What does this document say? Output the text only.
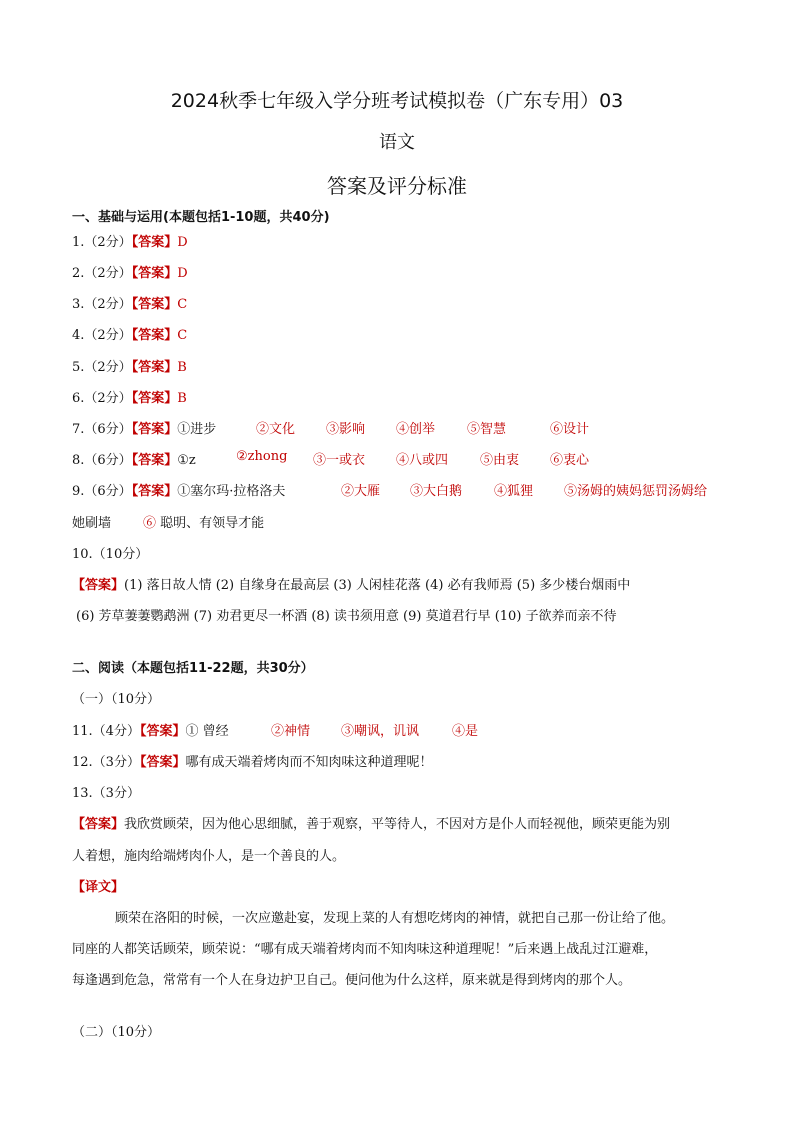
2024秋季七年级入学分班考试模拟卷（广东专用）03
语文
答案及评分标准
一、基础与运用(本题包括1-10题，共40分)
1.（2分）【答案】D
2.（2分）【答案】D
3.（2分）【答案】C
4.（2分）【答案】C
5.（2分）【答案】B
6.（2分）【答案】B
7.（6分）【答案】①进步	②文化 ③影响 ④创举 ⑤智慧	⑥设计
8.（6分）【答案】①z	②zhong ③一或衣 ④八或四 ⑤由衷 ⑥衷心
9.（6分）【答案】①塞尔玛·拉格洛夫	②大雁 ③大白鹅 ④狐狸 ⑤汤姆的姨妈惩罚汤姆给
她刷墙 ⑥ 聪明、有领导才能
10.（10分）
【答案】(1) 落日故人情 (2) 自缘身在最高层 (3) 人闲桂花落 (4) 必有我师焉 (5) 多少楼台烟雨中
(6) 芳草萋萋鹦鹉洲 (7) 劝君更尽一杯酒 (8) 读书须用意 (9) 莫道君行早 (10) 子欲养而亲不待
二、阅读（本题包括11-22题，共30分）
（一）（10分）
11.（4分）【答案】① 曾经	②神情 ③嘲讽，讥讽	④是
12.（3分）【答案】哪有成天端着烤肉而不知肉味这种道理呢！
13.（3分）
【答案】我欣赏顾荣，因为他心思细腻，善于观察，平等待人，不因对方是仆人而轻视他，顾荣更能为别
人着想，施肉给端烤肉仆人，是一个善良的人。
【译文】
顾荣在洛阳的时候，一次应邀赴宴，发现上菜的人有想吃烤肉的神情，就把自己那一份让给了他。
同座的人都笑话顾荣，顾荣说：“哪有成天端着烤肉而不知肉味这种道理呢！”后来遇上战乱过江避难，
每逢遇到危急，常常有一个人在身边护卫自己。便问他为什么这样，原来就是得到烤肉的那个人。
（二）（10分）
